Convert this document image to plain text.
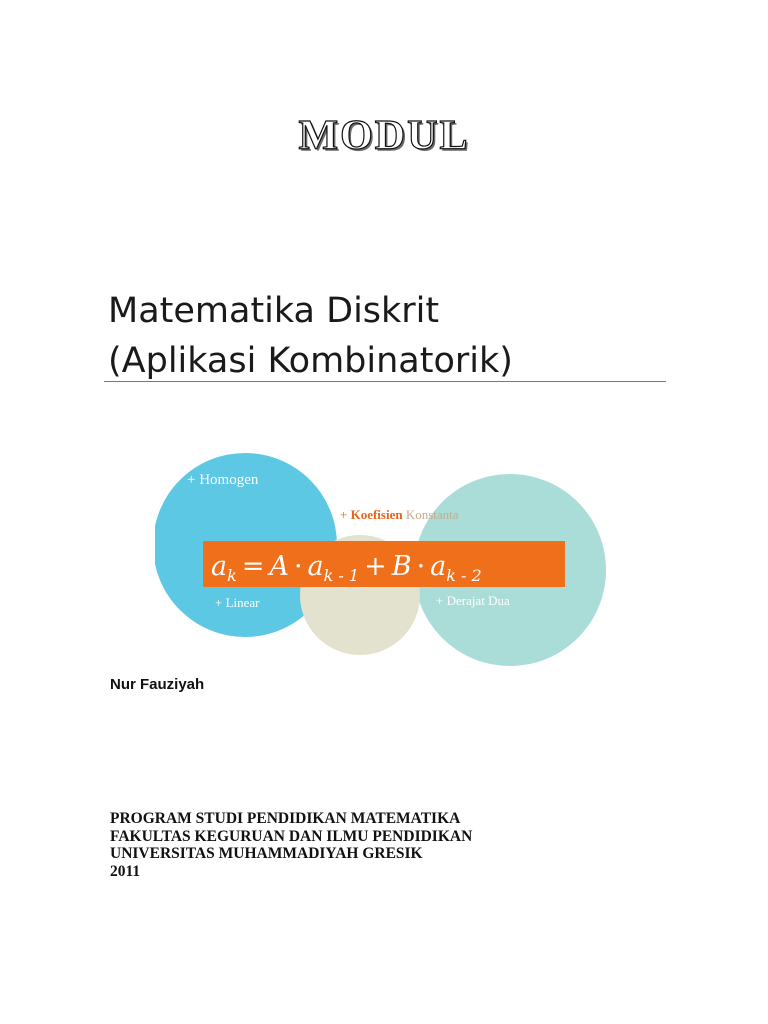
MODUL
Matematika Diskrit
(Aplikasi Kombinatorik)
+ Homogen
+ Linear	+ Derajat Dua
+ Koefisien Konstanta
$a_k = A \cdot a_{k - 1} + B \cdot a_{k - 2}$
Nur Fauziyah
PROGRAM STUDI PENDIDIKAN MATEMATIKA
FAKULTAS KEGURUAN DAN ILMU PENDIDIKAN
UNIVERSITAS MUHAMMADIYAH GRESIK
2011
